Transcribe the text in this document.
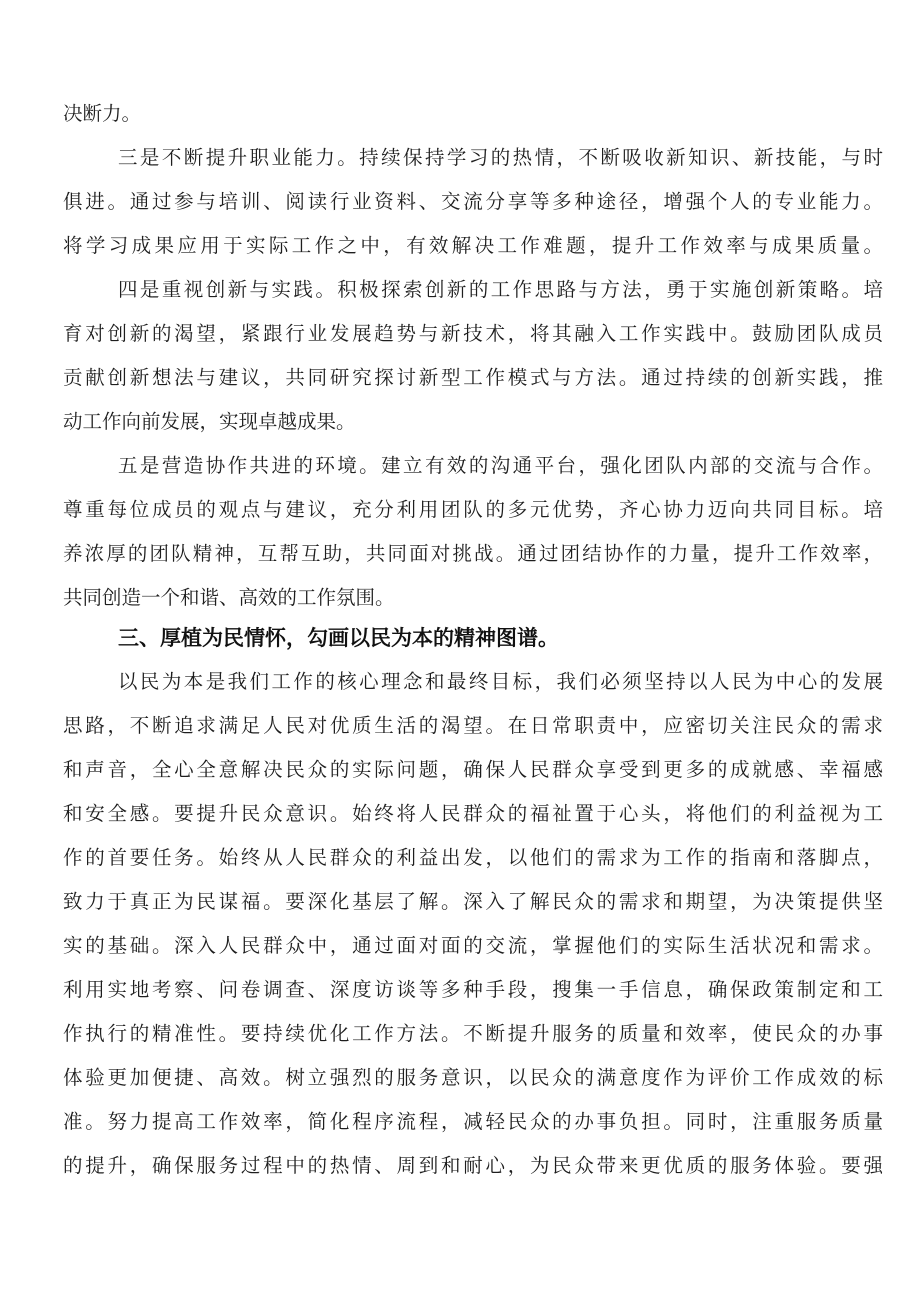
决断力。
三是不断提升职业能力。持续保持学习的热情，不断吸收新知识、新技能，与时
俱进。通过参与培训、阅读行业资料、交流分享等多种途径，增强个人的专业能力。
将学习成果应用于实际工作之中，有效解决工作难题，提升工作效率与成果质量。
四是重视创新与实践。积极探索创新的工作思路与方法，勇于实施创新策略。培
育对创新的渴望，紧跟行业发展趋势与新技术，将其融入工作实践中。鼓励团队成员
贡献创新想法与建议，共同研究探讨新型工作模式与方法。通过持续的创新实践，推
动工作向前发展，实现卓越成果。
五是营造协作共进的环境。建立有效的沟通平台，强化团队内部的交流与合作。
尊重每位成员的观点与建议，充分利用团队的多元优势，齐心协力迈向共同目标。培
养浓厚的团队精神，互帮互助，共同面对挑战。通过团结协作的力量，提升工作效率，
共同创造一个和谐、高效的工作氛围。
三、厚植为民情怀，勾画以民为本的精神图谱。
以民为本是我们工作的核心理念和最终目标，我们必须坚持以人民为中心的发展
思路，不断追求满足人民对优质生活的渴望。在日常职责中，应密切关注民众的需求
和声音，全心全意解决民众的实际问题，确保人民群众享受到更多的成就感、幸福感
和安全感。要提升民众意识。始终将人民群众的福祉置于心头，将他们的利益视为工
作的首要任务。始终从人民群众的利益出发，以他们的需求为工作的指南和落脚点，
致力于真正为民谋福。要深化基层了解。深入了解民众的需求和期望，为决策提供坚
实的基础。深入人民群众中，通过面对面的交流，掌握他们的实际生活状况和需求。
利用实地考察、问卷调查、深度访谈等多种手段，搜集一手信息，确保政策制定和工
作执行的精准性。要持续优化工作方法。不断提升服务的质量和效率，使民众的办事
体验更加便捷、高效。树立强烈的服务意识，以民众的满意度作为评价工作成效的标
准。努力提高工作效率，简化程序流程，减轻民众的办事负担。同时，注重服务质量
的提升，确保服务过程中的热情、周到和耐心，为民众带来更优质的服务体验。要强
